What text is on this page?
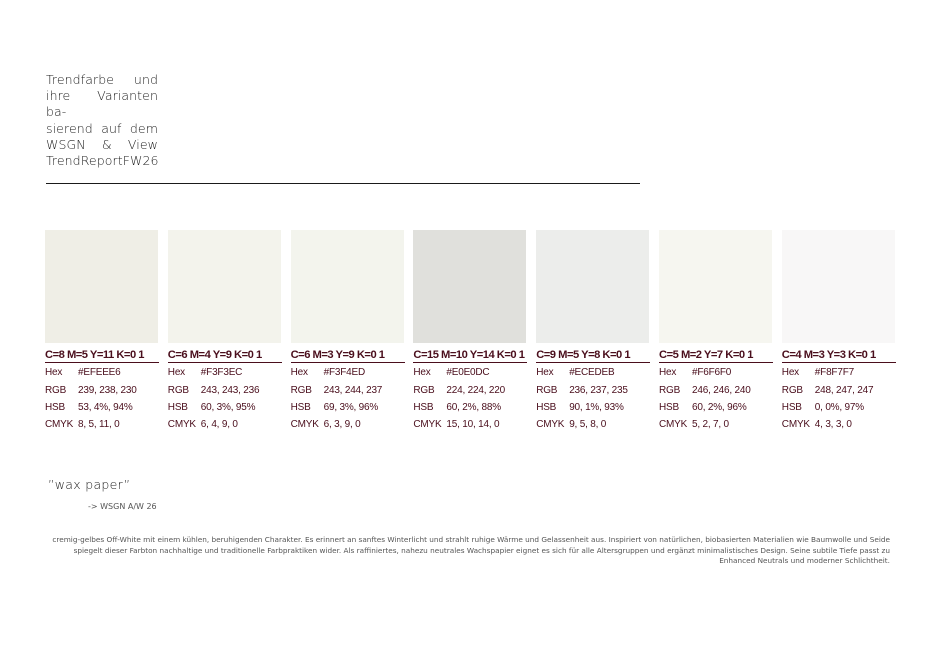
Trendfarbe und
ihre Varianten ba-
sierend auf dem
WSGN & View
TrendReportFW26
C=8 M=5 Y=11 K=0 1
Hex #EFEEE6
RGB 239, 238, 230
HSB 53, 4%, 94%
CMYK 8, 5, 11, 0
C=6 M=4 Y=9 K=0 1
Hex #F3F3EC
RGB 243, 243, 236
HSB 60, 3%, 95%
CMYK 6, 4, 9, 0
C=6 M=3 Y=9 K=0 1
Hex #F3F4ED
RGB 243, 244, 237
HSB 69, 3%, 96%
CMYK 6, 3, 9, 0
C=15 M=10 Y=14 K=0 1
Hex #E0E0DC
RGB 224, 224, 220
HSB 60, 2%, 88%
CMYK 15, 10, 14, 0
C=9 M=5 Y=8 K=0 1
Hex #ECEDEB
RGB 236, 237, 235
HSB 90, 1%, 93%
CMYK 9, 5, 8, 0
C=5 M=2 Y=7 K=0 1
Hex #F6F6F0
RGB 246, 246, 240
HSB 60, 2%, 96%
CMYK 5, 2, 7, 0
C=4 M=3 Y=3 K=0 1
Hex #F8F7F7
RGB 248, 247, 247
HSB 0, 0%, 97%
CMYK 4, 3, 3, 0
”wax paper”
-> WSGN A/W 26
cremig-gelbes Off-White mit einem kühlen, beruhigenden Charakter. Es erinnert an sanftes Winterlicht und strahlt ruhige Wärme und Gelassenheit aus. Inspiriert von natürlichen, biobasierten Materialien wie Baumwolle und Seide spiegelt dieser Farbton nachhaltige und traditionelle Farbpraktiken wider. Als raffiniertes, nahezu neutrales Wachspapier eignet es sich für alle Altersgruppen und ergänzt minimalistisches Design. Seine subtile Tiefe passt zu Enhanced Neutrals und moderner Schlichtheit.
